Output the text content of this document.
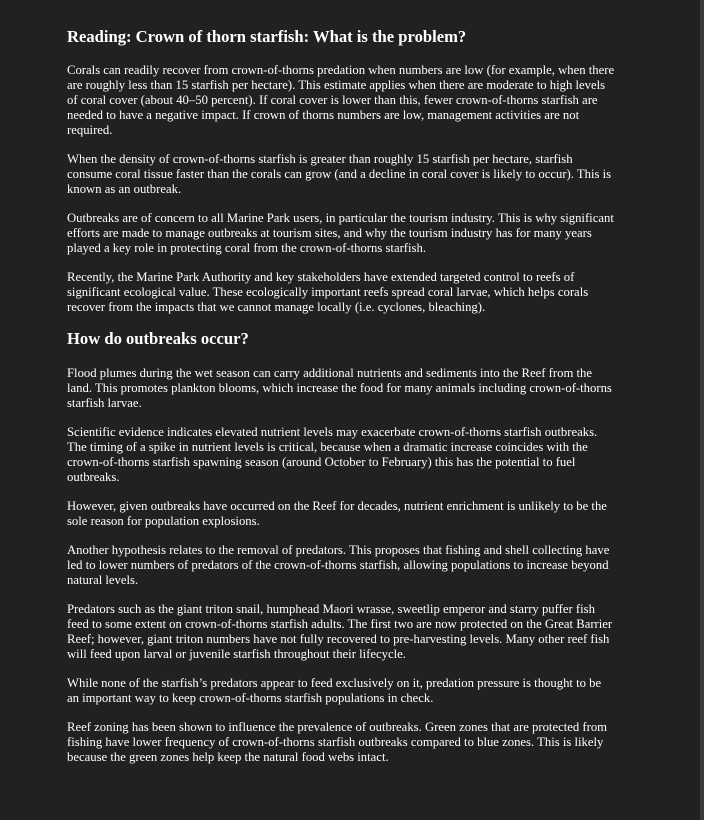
Reading: Crown of thorn starfish: What is the problem?

Corals can readily recover from crown-of-thorns predation when numbers are low (for example, when there are roughly less than 15 starfish per hectare). This estimate applies when there are moderate to high levels of coral cover (about 40–50 percent). If coral cover is lower than this, fewer crown-of-thorns starfish are needed to have a negative impact. If crown of thorns numbers are low, management activities are not required.

When the density of crown-of-thorns starfish is greater than roughly 15 starfish per hectare, starfish consume coral tissue faster than the corals can grow (and a decline in coral cover is likely to occur). This is known as an outbreak.

Outbreaks are of concern to all Marine Park users, in particular the tourism industry. This is why significant efforts are made to manage outbreaks at tourism sites, and why the tourism industry has for many years played a key role in protecting coral from the crown-of-thorns starfish.

Recently, the Marine Park Authority and key stakeholders have extended targeted control to reefs of significant ecological value. These ecologically important reefs spread coral larvae, which helps corals recover from the impacts that we cannot manage locally (i.e. cyclones, bleaching).

How do outbreaks occur?

Flood plumes during the wet season can carry additional nutrients and sediments into the Reef from the land. This promotes plankton blooms, which increase the food for many animals including crown-of-thorns starfish larvae.

Scientific evidence indicates elevated nutrient levels may exacerbate crown-of-thorns starfish outbreaks. The timing of a spike in nutrient levels is critical, because when a dramatic increase coincides with the crown-of-thorns starfish spawning season (around October to February) this has the potential to fuel outbreaks.

However, given outbreaks have occurred on the Reef for decades, nutrient enrichment is unlikely to be the sole reason for population explosions.

Another hypothesis relates to the removal of predators. This proposes that fishing and shell collecting have led to lower numbers of predators of the crown-of-thorns starfish, allowing populations to increase beyond natural levels.

Predators such as the giant triton snail, humphead Maori wrasse, sweetlip emperor and starry puffer fish feed to some extent on crown-of-thorns starfish adults. The first two are now protected on the Great Barrier Reef; however, giant triton numbers have not fully recovered to pre-harvesting levels. Many other reef fish will feed upon larval or juvenile starfish throughout their lifecycle.

While none of the starfish’s predators appear to feed exclusively on it, predation pressure is thought to be an important way to keep crown-of-thorns starfish populations in check.

Reef zoning has been shown to influence the prevalence of outbreaks. Green zones that are protected from fishing have lower frequency of crown-of-thorns starfish outbreaks compared to blue zones. This is likely because the green zones help keep the natural food webs intact.
